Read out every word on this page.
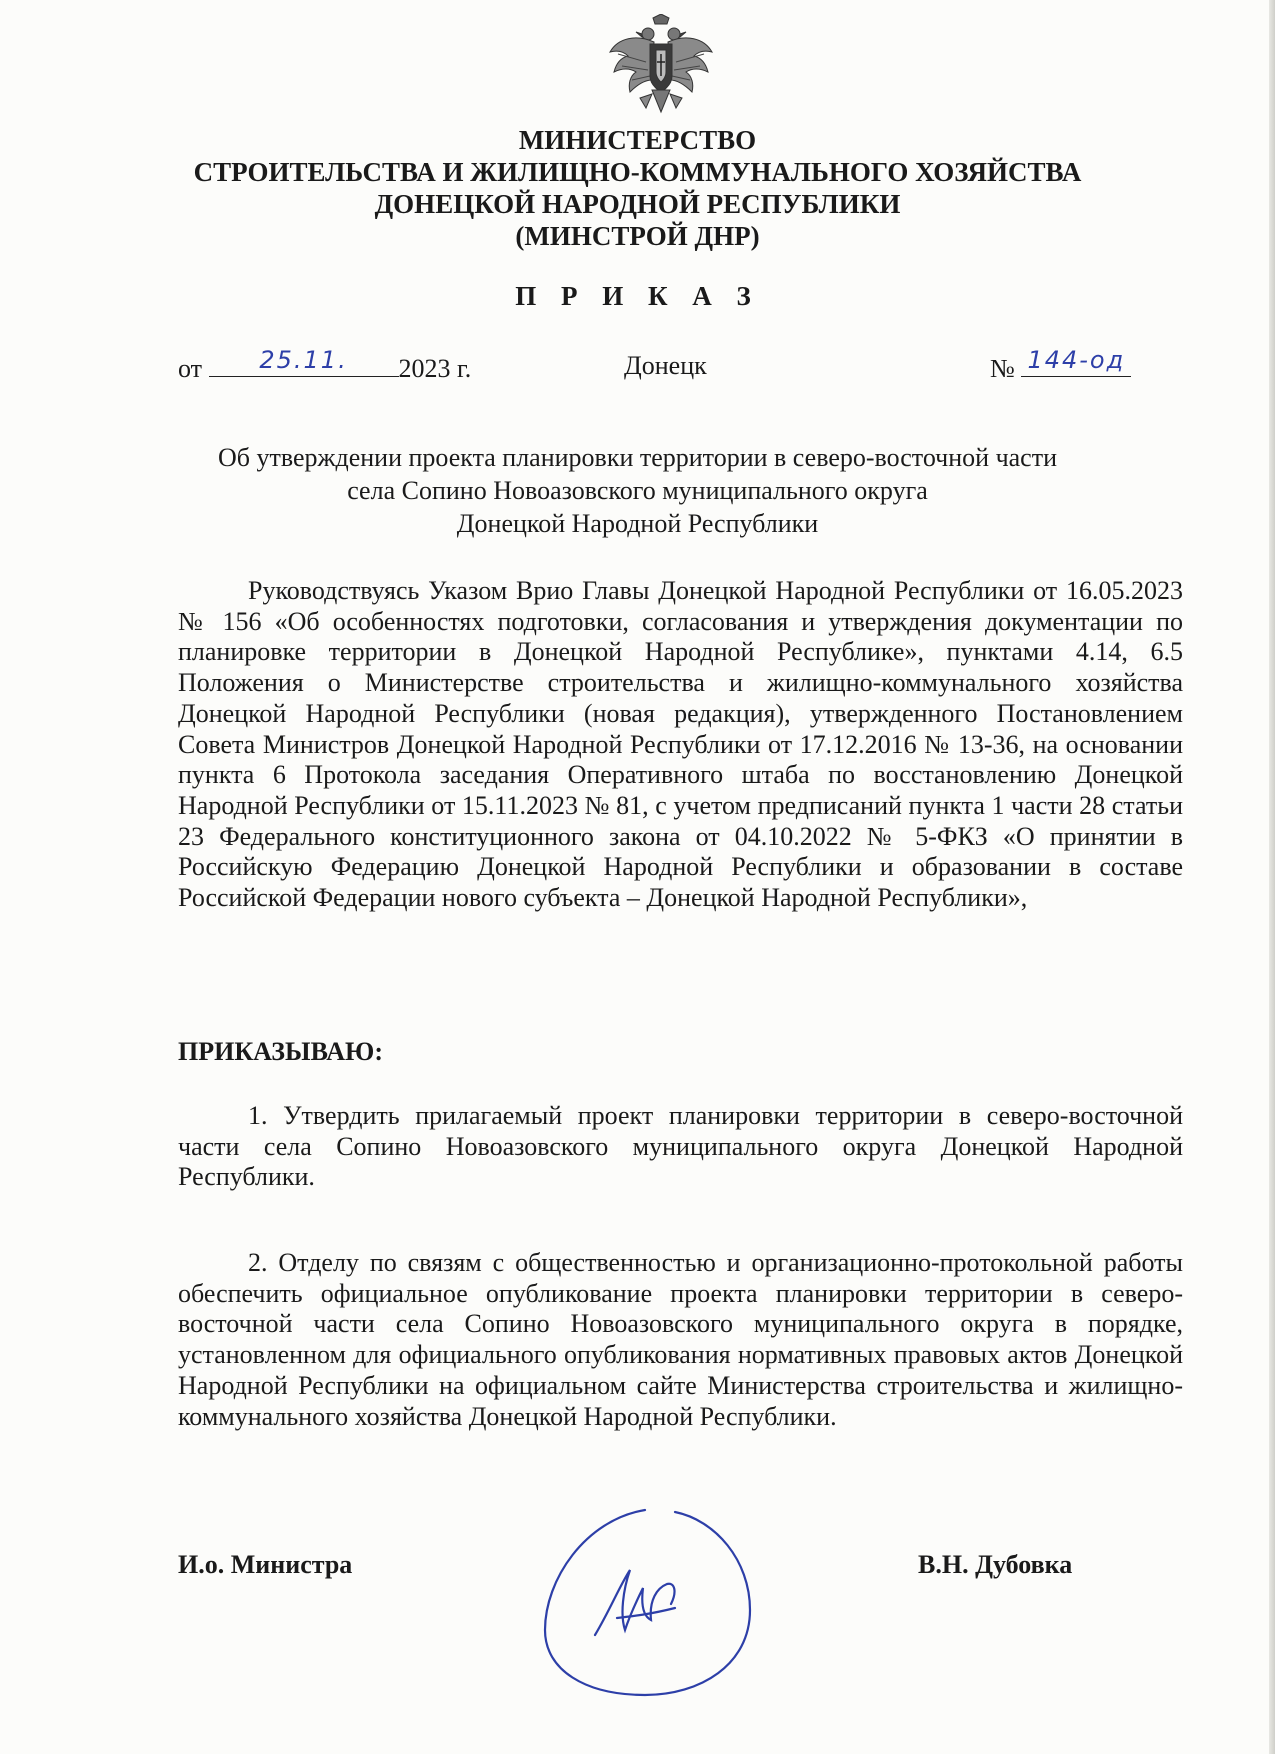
МИНИСТЕРСТВО
СТРОИТЕЛЬСТВА И ЖИЛИЩНО-КОММУНАЛЬНОГО ХОЗЯЙСТВА
ДОНЕЦКОЙ НАРОДНОЙ РЕСПУБЛИКИ
(МИНСТРОЙ ДНР)
П Р И К А З
от	25.11.	2023 г.	Донецк	№ 144-од
Об утверждении проекта планировки территории в северо-восточной части
села Сопино Новоазовского муниципального округа
Донецкой Народной Республики
Руководствуясь Указом Врио Главы Донецкой Народной Республики от 16.05.2023 № 156 «Об особенностях подготовки, согласования и утверждения документации по планировке территории в Донецкой Народной Республике», пунктами 4.14, 6.5 Положения о Министерстве строительства и жилищно-коммунального хозяйства Донецкой Народной Республики (новая редакция), утвержденного Постановлением Совета Министров Донецкой Народной Республики от 17.12.2016 № 13-36, на основании пункта 6 Протокола заседания Оперативного штаба по восстановлению Донецкой Народной Республики от 15.11.2023 № 81, с учетом предписаний пункта 1 части 28 статьи 23 Федерального конституционного закона от 04.10.2022 № 5-ФКЗ «О принятии в Российскую Федерацию Донецкой Народной Республики и образовании в составе Российской Федерации нового субъекта – Донецкой Народной Республики»,
ПРИКАЗЫВАЮ:
1. Утвердить прилагаемый проект планировки территории в северо-восточной части села Сопино Новоазовского муниципального округа Донецкой Народной Республики.
2. Отделу по связям с общественностью и организационно-протокольной работы обеспечить официальное опубликование проекта планировки территории в северо-восточной части села Сопино Новоазовского муниципального округа в порядке, установленном для официального опубликования нормативных правовых актов Донецкой Народной Республики на официальном сайте Министерства строительства и жилищно-коммунального хозяйства Донецкой Народной Республики.
И.о. Министра	В.Н. Дубовка
